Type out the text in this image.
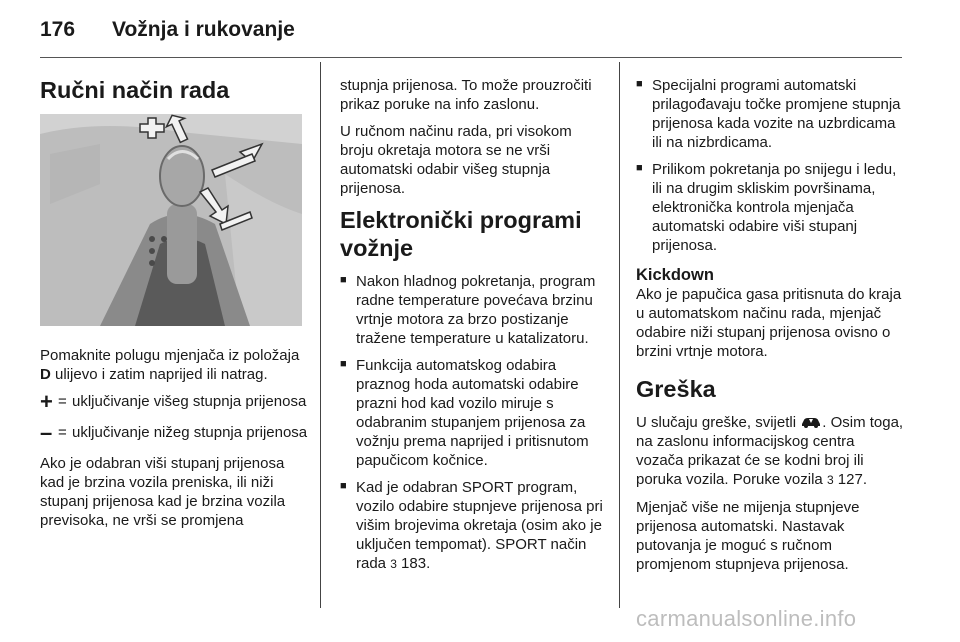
176 Vožnja i rukovanje
Ručni način rada

Pomaknite polugu mjenjača iz položaja D ulijevo i zatim naprijed ili natrag.

+ = uključivanje višeg stupnja prijenosa
– = uključivanje nižeg stupnja prijenosa

Ako je odabran viši stupanj prijenosa kad je brzina vozila preniska, ili niži stupanj prijenosa kad je brzina vozila previsoka, ne vrši se promjena

stupnja prijenosa. To može prouzročiti prikaz poruke na info zaslonu.

U ručnom načinu rada, pri visokom broju okretaja motora se ne vrši automatski odabir višeg stupnja prijenosa.

Elektronički programi vožnje
■ Nakon hladnog pokretanja, program radne temperature povećava brzinu vrtnje motora za brzo postizanje tražene temperature u katalizatoru.
■ Funkcija automatskog odabira praznog hoda automatski odabire prazni hod kad vozilo miruje s odabranim stupanjem prijenosa za vožnju prema naprijed i pritisnutom papučicom kočnice.
■ Kad je odabran SPORT program, vozilo odabire stupnjeve prijenosa pri višim brojevima okretaja (osim ako je uključen tempomat). SPORT način rada 3 183.
■ Specijalni programi automatski prilagođavaju točke promjene stupnja prijenosa kada vozite na uzbrdicama ili na nizbrdicama.
■ Prilikom pokretanja po snijegu i ledu, ili na drugim skliskim površinama, elektronička kontrola mjenjača automatski odabire viši stupanj prijenosa.
Kickdown

Ako je papučica gasa pritisnuta do kraja u automatskom načinu rada, mjenjač odabire niži stupanj prijenosa ovisno o brzini vrtnje motora.

Greška

U slučaju greške, svijetli . Osim toga, na zaslonu informacijskog centra vozača prikazat će se kodni broj ili poruka vozila. Poruke vozila 3 127.

Mjenjač više ne mijenja stupnjeve prijenosa automatski. Nastavak putovanja je moguć s ručnom promjenom stupnjeva prijenosa.

carmanualsonline.info
